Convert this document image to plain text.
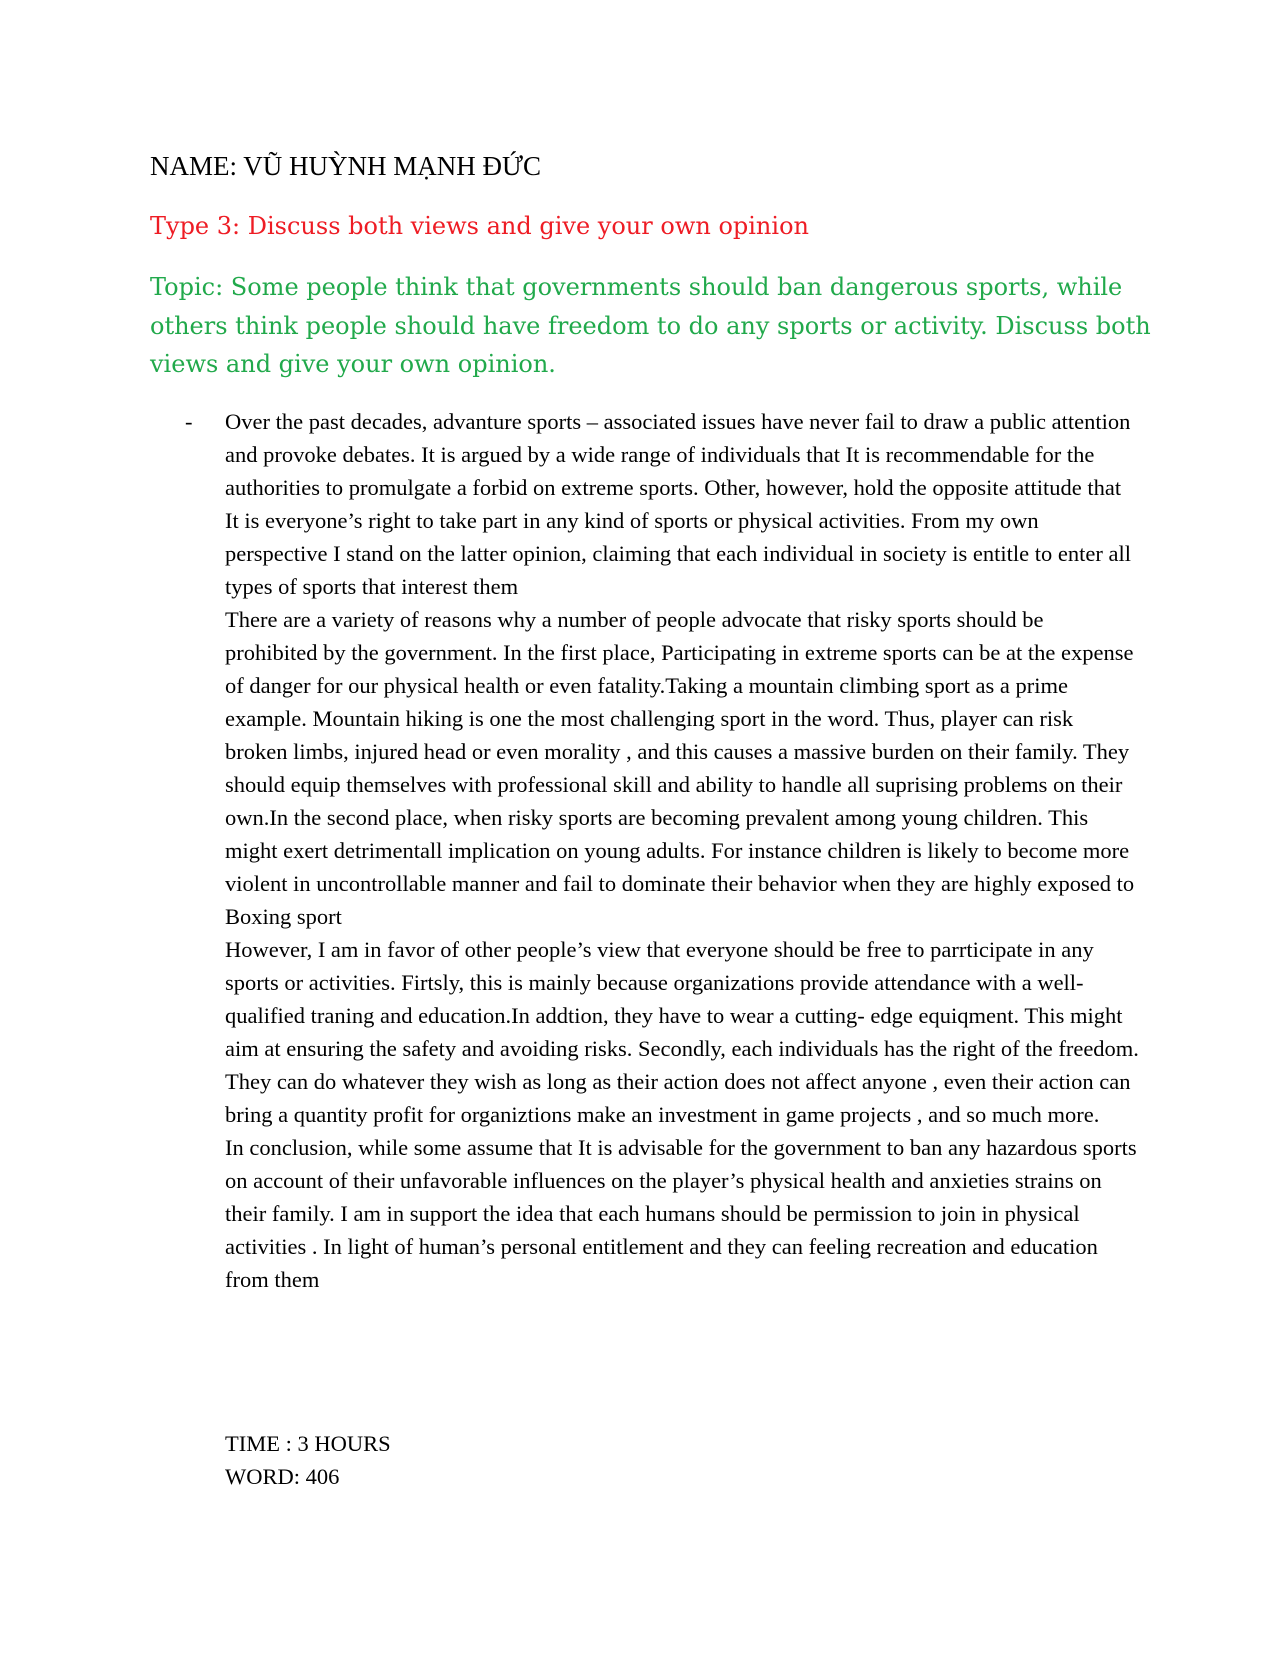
NAME: VŨ HUỲNH MẠNH ĐỨC
Type 3: Discuss both views and give your own opinion
Topic: Some people think that governments should ban dangerous sports, while others think people should have freedom to do any sports or activity. Discuss both views and give your own opinion.
- Over the past decades, advanture sports – associated issues have never fail to draw a public attention and provoke debates. It is argued by a wide range of individuals that It is recommendable for the authorities to promulgate a forbid on extreme sports. Other, however, hold the opposite attitude that It is everyone’s right to take part in any kind of sports or physical activities. From my own perspective I stand on the latter opinion, claiming that each individual in society is entitle to enter all types of sports that interest them

There are a variety of reasons why a number of people advocate that risky sports should be prohibited by the government. In the first place, Participating in extreme sports can be at the expense of danger for our physical health or even fatality.Taking a mountain climbing sport as a prime example. Mountain hiking is one the most challenging sport in the word. Thus, player can risk broken limbs, injured head or even morality , and this causes a massive burden on their family. They should equip themselves with professional skill and ability to handle all suprising problems on their own.In the second place, when risky sports are becoming prevalent among young children. This might exert detrimentall implication on young adults. For instance children is likely to become more violent in uncontrollable manner and fail to dominate their behavior when they are highly exposed to Boxing sport

However, I am in favor of other people’s view that everyone should be free to parrticipate in any sports or activities. Firtsly, this is mainly because organizations provide attendance with a well- qualified traning and education.In addtion, they have to wear a cutting- edge equiqment. This might aim at ensuring the safety and avoiding risks. Secondly, each individuals has the right of the freedom. They can do whatever they wish as long as their action does not affect anyone , even their action can bring a quantity profit for organiztions make an investment in game projects , and so much more.

In conclusion, while some assume that It is advisable for the government to ban any hazardous sports on account of their unfavorable influences on the player’s physical health and anxieties strains on their family. I am in support the idea that each humans should be permission to join in physical activities . In light of human’s personal entitlement and they can feeling recreation and education from them

TIME : 3 HOURS
WORD: 406
